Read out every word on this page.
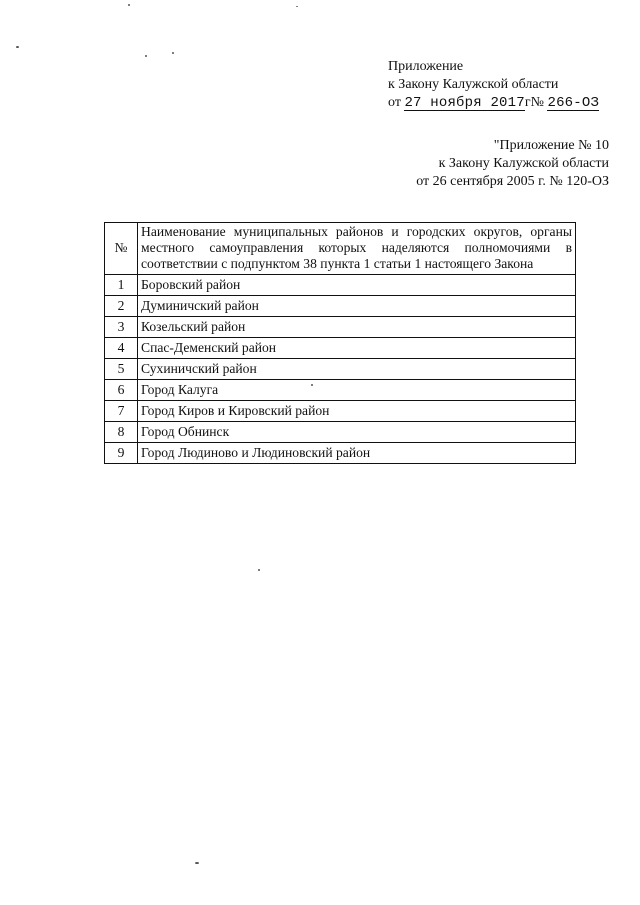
Приложение
к Закону Калужской области
от 27 ноября 2017г№ 266-ОЗ
"Приложение № 10
к Закону Калужской области
от 26 сентября 2005 г. № 120-ОЗ
№	Наименование муниципальных районов и городских округов, органы местного самоуправления которых наделяются полномочиями в соответствии с подпунктом 38 пункта 1 статьи 1 настоящего Закона
1	Боровский район
2	Думиничский район
3	Козельский район
4	Спас-Деменский район
5	Сухиничский район
6	Город Калуга
7	Город Киров и Кировский район
8	Город Обнинск
9	Город Людиново и Людиновский район
